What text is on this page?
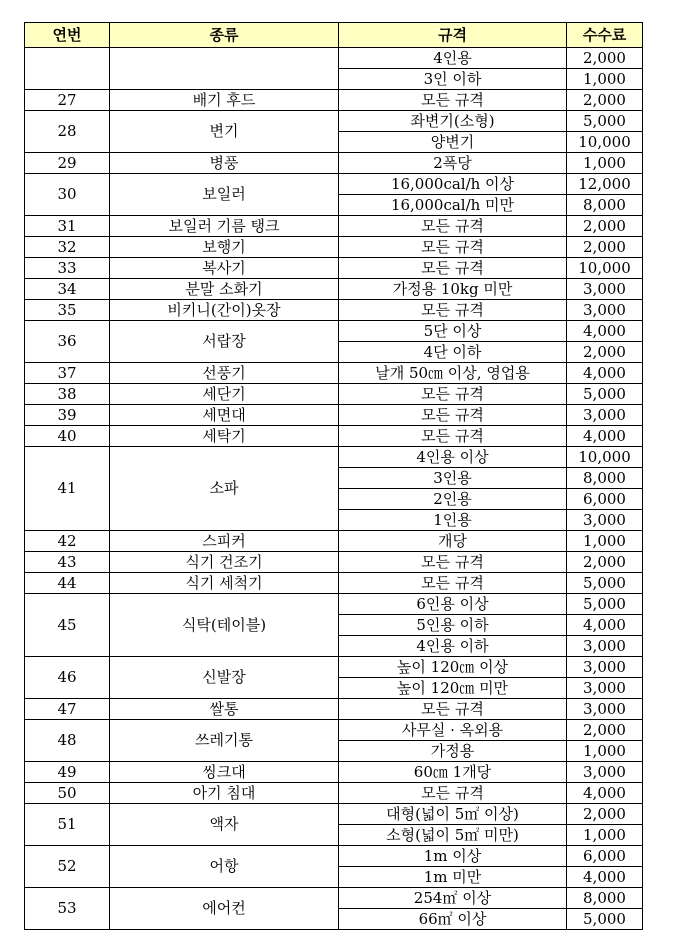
연번	종류	규격	수수료
		4인용	2,000
		3인 이하	1,000
27	배기 후드	모든 규격	2,000
28	변기	좌변기(소형)	5,000
		양변기	10,000
29	병풍	2폭당	1,000
30	보일러	16,000cal/h 이상	12,000
		16,000cal/h 미만	8,000
31	보일러 기름 탱크	모든 규격	2,000
32	보행기	모든 규격	2,000
33	복사기	모든 규격	10,000
34	분말 소화기	가정용 10kg 미만	3,000
35	비키니(간이)옷장	모든 규격	3,000
36	서랍장	5단 이상	4,000
		4단 이하	2,000
37	선풍기	날개 50㎝ 이상, 영업용	4,000
38	세단기	모든 규격	5,000
39	세면대	모든 규격	3,000
40	세탁기	모든 규격	4,000
41	소파	4인용 이상	10,000
		3인용	8,000
		2인용	6,000
		1인용	3,000
42	스피커	개당	1,000
43	식기 건조기	모든 규격	2,000
44	식기 세척기	모든 규격	5,000
45	식탁(테이블)	6인용 이상	5,000
		5인용 이하	4,000
		4인용 이하	3,000
46	신발장	높이 120㎝ 이상	3,000
		높이 120㎝ 미만	3,000
47	쌀통	모든 규격	3,000
48	쓰레기통	사무실 · 옥외용	2,000
		가정용	1,000
49	씽크대	60㎝ 1개당	3,000
50	아기 침대	모든 규격	4,000
51	액자	대형(넓이 5㎡ 이상)	2,000
		소형(넓이 5㎡ 미만)	1,000
52	어항	1m 이상	6,000
		1m 미만	4,000
53	에어컨	254㎡ 이상	8,000
		66㎡ 이상	5,000
